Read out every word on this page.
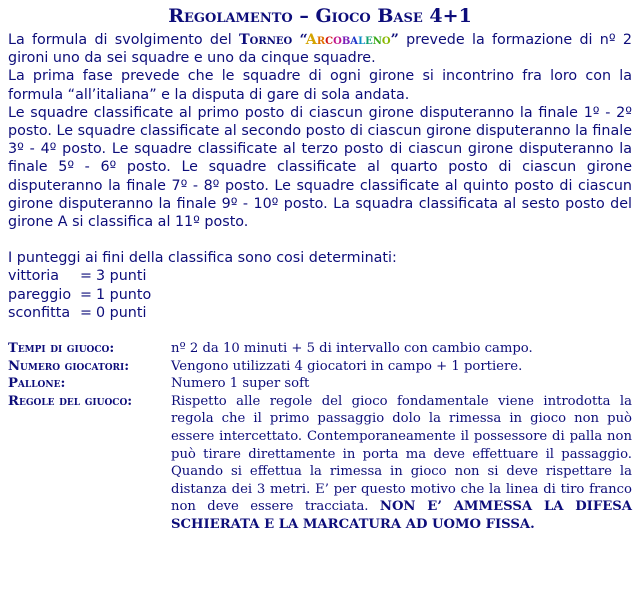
Regolamento – Gioco Base 4+1

La formula di svolgimento del Torneo “Arcobaleno” prevede la formazione di nº 2 gironi uno da sei squadre e uno da cinque squadre.

La prima fase prevede che le squadre di ogni girone si incontrino fra loro con la formula “all’italiana” e la disputa di gare di sola andata.

Le squadre classificate al primo posto di ciascun girone disputeranno la finale 1º - 2º posto. Le squadre classificate al secondo posto di ciascun girone disputeranno la finale 3º - 4º posto. Le squadre classificate al terzo posto di ciascun girone disputeranno la finale 5º - 6º posto. Le squadre classificate al quarto posto di ciascun girone disputeranno la finale 7º - 8º posto. Le squadre classificate al quinto posto di ciascun girone disputeranno la finale 9º - 10º posto. La squadra classificata al sesto posto del girone A si classifica al 11º posto.

I punteggi ai fini della classifica sono cosi determinati:
vittoria = 3 punti
pareggio = 1 punto
sconfitta = 0 punti
Tempi di giuoco:	nº 2 da 10 minuti + 5 di intervallo con cambio campo.
Numero giocatori:	Vengono utilizzati 4 giocatori in campo + 1 portiere.
Pallone:	Numero 1 super soft
Regole del giuoco:	Rispetto alle regole del gioco fondamentale viene introdotta la regola che il primo passaggio dolo la rimessa in gioco non può essere intercettato. Contemporaneamente il possessore di palla non può tirare direttamente in porta ma deve effettuare il passaggio. Quando si effettua la rimessa in gioco non si deve rispettare la distanza dei 3 metri. E’ per questo motivo che la linea di tiro franco non deve essere tracciata. NON E’ AMMESSA LA DIFESA SCHIERATA E LA MARCATURA AD UOMO FISSA.
